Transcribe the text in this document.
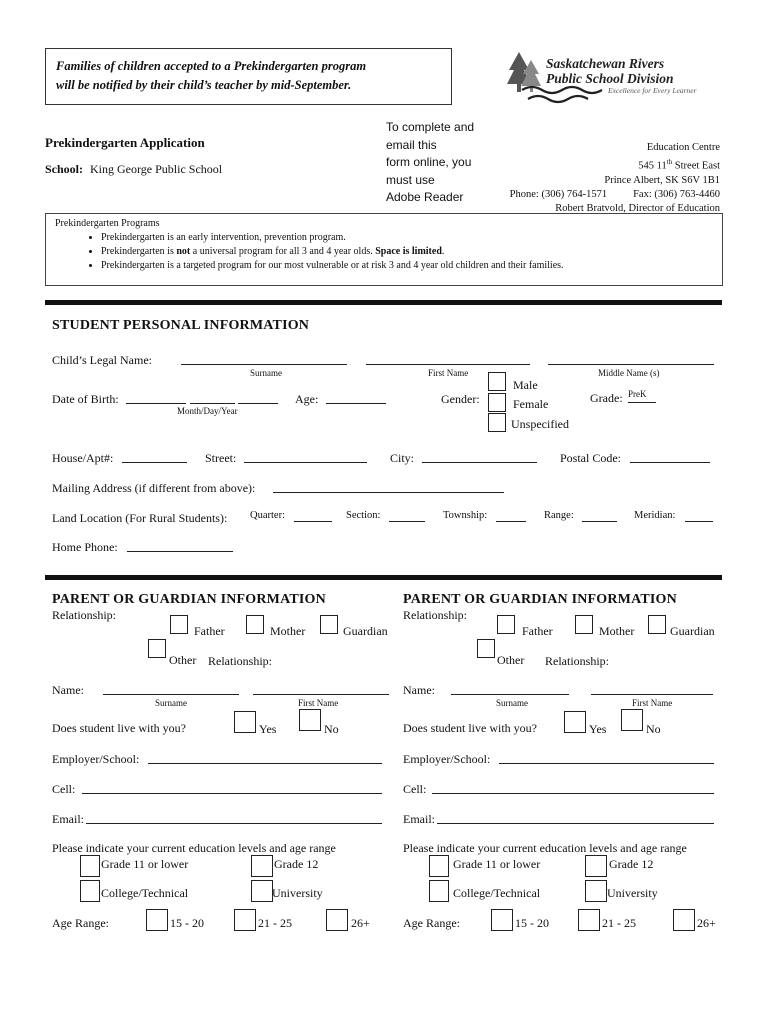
Families of children accepted to a Prekindergarten program
will be notified by their child’s teacher by mid-September.
Saskatchewan Rivers
Public School Division
Excellence for Every Learner
Prekindergarten Application
School: King George Public School
To complete and
email this
form online, you
must use
Adobe Reader
Education Centre
545 11th Street East
Prince Albert, SK S6V 1B1
Phone: (306) 764-1571 Fax: (306) 763-4460
Robert Bratvold, Director of Education
Prekindergarten Programs
• Prekindergarten is an early intervention, prevention program.
• Prekindergarten is not a universal program for all 3 and 4 year olds. Space is limited.
• Prekindergarten is a targeted program for our most vulnerable or at risk 3 and 4 year old children and their families.
STUDENT PERSONAL INFORMATION
Child’s Legal Name:
Surname	First Name	Middle Name (s)
Date of Birth:
Month/Day/Year
Age:	Gender:
Male
Female
Unspecified
Grade: PreK
House/Apt#:	Street:	City:	Postal Code:
Mailing Address (if different from above):
Land Location (For Rural Students): Quarter:	Section:	Township:	Range:	Meridian:
Home Phone:
PARENT OR GUARDIAN INFORMATION
Relationship:
Father	Mother	Guardian
Other Relationship:
Name:
Surname	First Name
Does student live with you?	Yes	No
Employer/School:
Cell:
Email:
Please indicate your current education levels and age range
Grade 11 or lower	Grade 12
College/Technical	University
Age Range:	15 - 20	21 - 25	26+
PARENT OR GUARDIAN INFORMATION
Relationship:
Father	Mother	Guardian
Other Relationship:
Name:
Surname	First Name
Does student live with you?	Yes	No
Employer/School:
Cell:
Email:
Please indicate your current education levels and age range
Grade 11 or lower	Grade 12
College/Technical	University
Age Range:	15 - 20	21 - 25	26+
